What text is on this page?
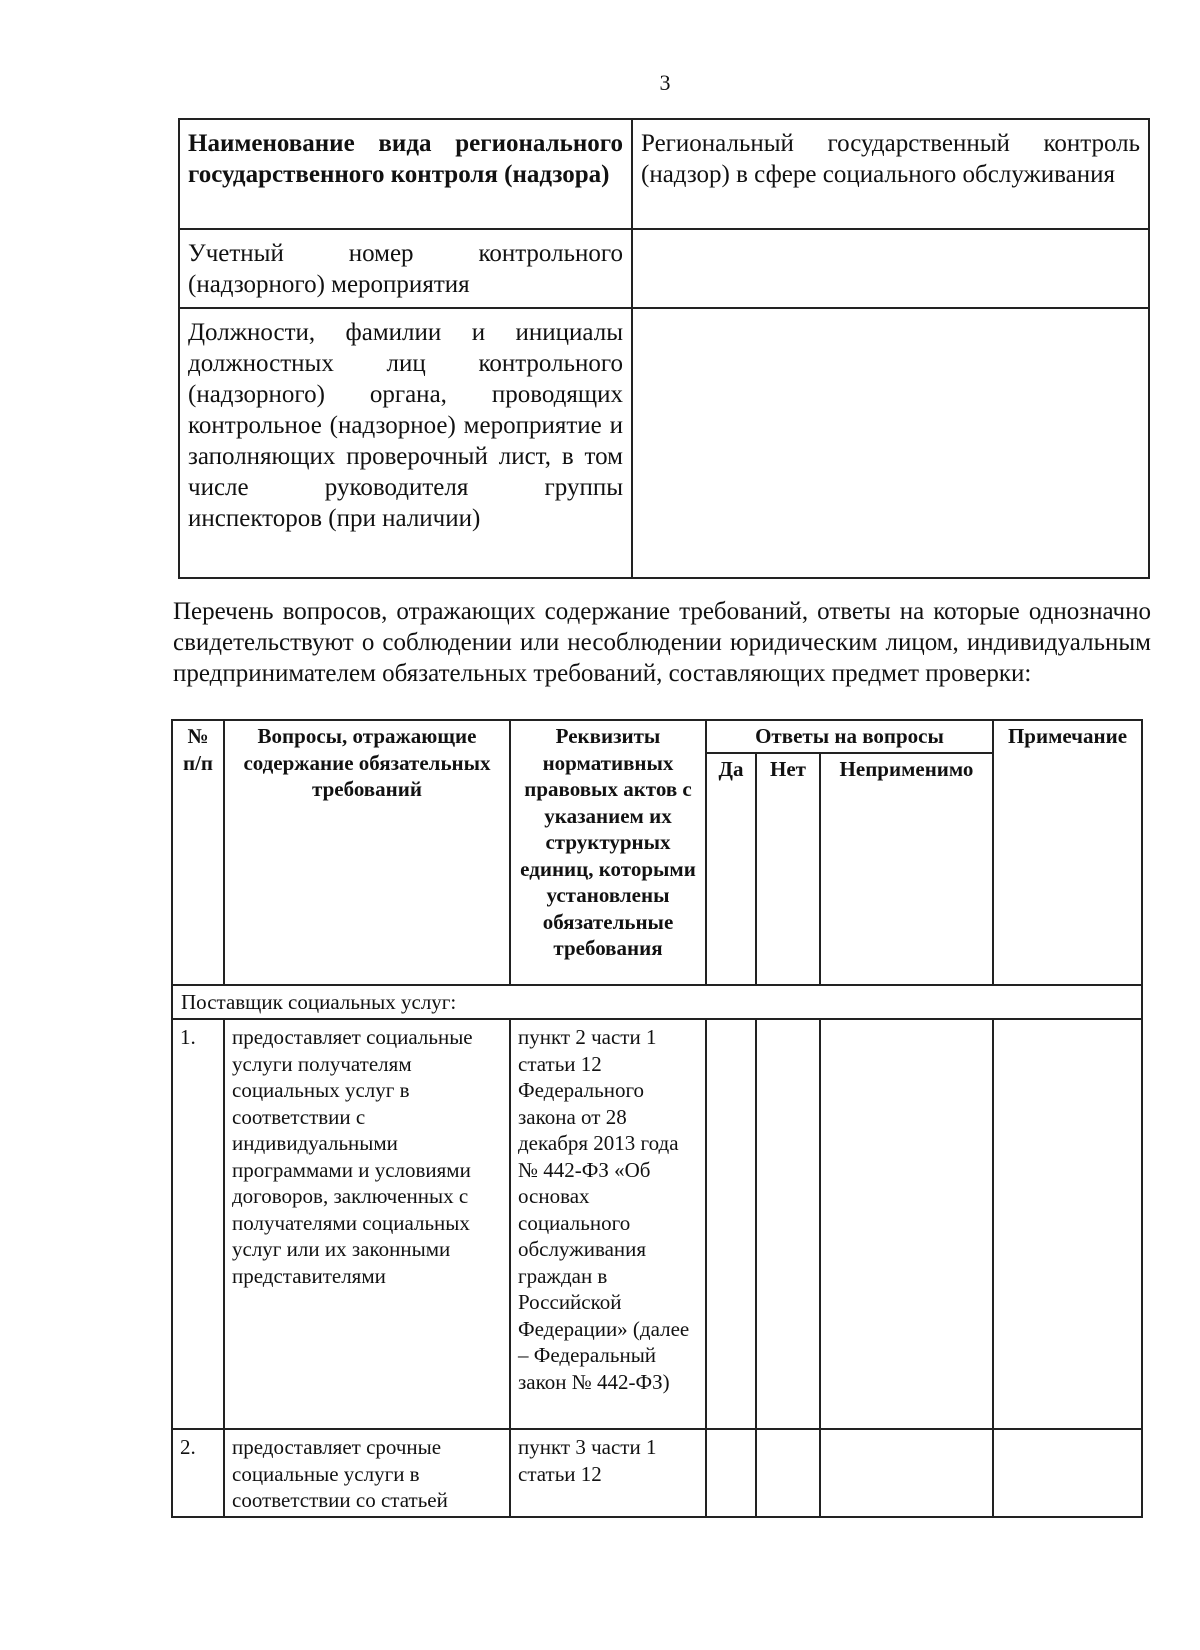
3
Наименование вида регионального государственного контроля (надзора)	Региональный государственный контроль (надзор) в сфере социального обслуживания
Учетный номер контрольного (надзорного) мероприятия	
Должности, фамилии и инициалы должностных лиц контрольного (надзорного) органа, проводящих контрольное (надзорное) мероприятие и заполняющих проверочный лист, в том числе руководителя группы инспекторов (при наличии)	
Перечень вопросов, отражающих содержание требований, ответы на которые однозначно свидетельствуют о соблюдении или несоблюдении юридическим лицом, индивидуальным предпринимателем обязательных требований, составляющих предмет проверки:
№ п/п	Вопросы, отражающие содержание обязательных требований	Реквизиты нормативных правовых актов с указанием их структурных единиц, которыми установлены обязательные требования	Ответы на вопросы			Примечание
			Да	Нет	Неприменимо	
Поставщик социальных услуг:						
1.	предоставляет социальные услуги получателям социальных услуг в соответствии с индивидуальными программами и условиями договоров, заключенных с получателями социальных услуг или их законными представителями	пункт 2 части 1 статьи 12 Федерального закона от 28 декабря 2013 года № 442-ФЗ «Об основах социального обслуживания граждан в Российской Федерации» (далее – Федеральный закон № 442-ФЗ)				
2.	предоставляет срочные социальные услуги в соответствии со статьей	пункт 3 части 1 статьи 12				
